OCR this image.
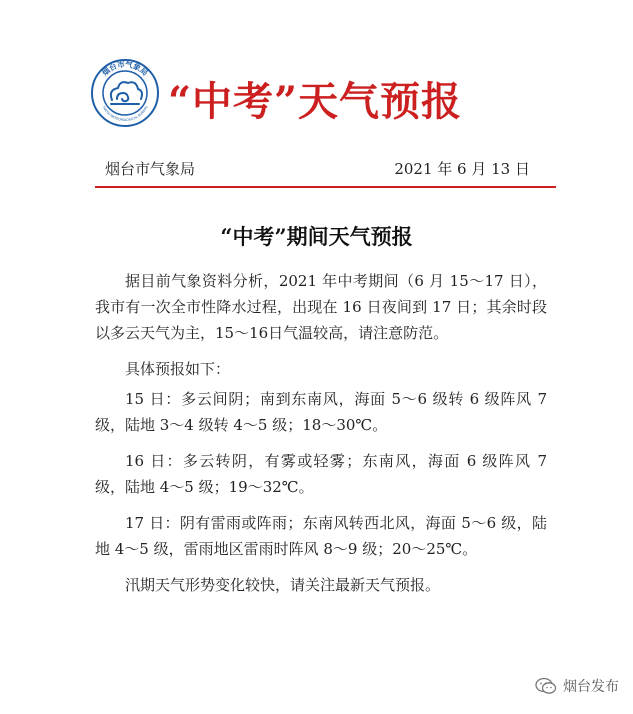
烟台市气象局
YANTAI METEOROLOGICAL BUREAU “中考”天气预报
烟台市气象局	2021 年 6 月 13 日
“中考”期间天气预报

据目前气象资料分析，2021 年中考期间（6 月 15～17 日），我市有一次全市性降水过程，出现在 16 日夜间到 17 日；其余时段以多云天气为主，15～16日气温较高，请注意防范。

具体预报如下：

15 日：多云间阴；南到东南风，海面 5～6 级转 6 级阵风 7 级，陆地 3～4 级转 4～5 级；18～30℃。

16 日：多云转阴，有雾或轻雾；东南风，海面 6 级阵风 7 级，陆地 4～5 级；19～32℃。

17 日：阴有雷雨或阵雨；东南风转西北风，海面 5～6 级，陆地 4～5 级，雷雨地区雷雨时阵风 8～9 级；20～25℃。

汛期天气形势变化较快，请关注最新天气预报。

烟台发布
